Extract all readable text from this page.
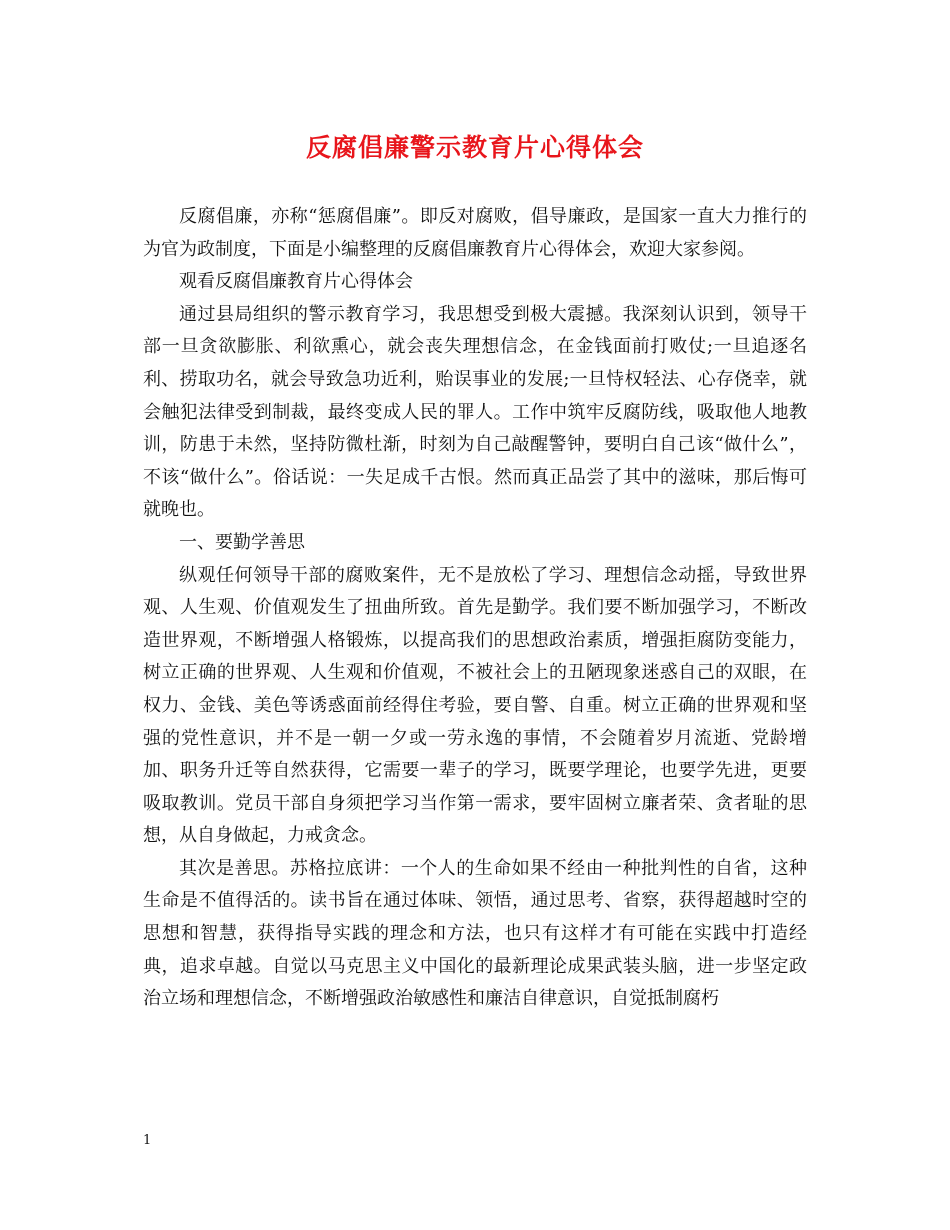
反腐倡廉警示教育片心得体会

反腐倡廉，亦称“惩腐倡廉”。即反对腐败，倡导廉政，是国家一直大力推行的为官为政制度，下面是小编整理的反腐倡廉教育片心得体会，欢迎大家参阅。

观看反腐倡廉教育片心得体会

通过县局组织的警示教育学习，我思想受到极大震撼。我深刻认识到，领导干部一旦贪欲膨胀、利欲熏心，就会丧失理想信念，在金钱面前打败仗;一旦追逐名利、捞取功名，就会导致急功近利，贻误事业的发展;一旦恃权轻法、心存侥幸，就会触犯法律受到制裁，最终变成人民的罪人。工作中筑牢反腐防线，吸取他人地教训，防患于未然，坚持防微杜渐，时刻为自己敲醒警钟，要明白自己该“做什么”，不该“做什么”。俗话说：一失足成千古恨。然而真正品尝了其中的滋味，那后悔可就晚也。

一、要勤学善思

纵观任何领导干部的腐败案件，无不是放松了学习、理想信念动摇，导致世界观、人生观、价值观发生了扭曲所致。首先是勤学。我们要不断加强学习，不断改造世界观，不断增强人格锻炼，以提高我们的思想政治素质，增强拒腐防变能力，树立正确的世界观、人生观和价值观，不被社会上的丑陋现象迷惑自己的双眼，在权力、金钱、美色等诱惑面前经得住考验，要自警、自重。树立正确的世界观和坚强的党性意识，并不是一朝一夕或一劳永逸的事情，不会随着岁月流逝、党龄增加、职务升迁等自然获得，它需要一辈子的学习，既要学理论，也要学先进，更要吸取教训。党员干部自身须把学习当作第一需求，要牢固树立廉者荣、贪者耻的思想，从自身做起，力戒贪念。

其次是善思。苏格拉底讲：一个人的生命如果不经由一种批判性的自省，这种生命是不值得活的。读书旨在通过体味、领悟，通过思考、省察，获得超越时空的思想和智慧，获得指导实践的理念和方法，也只有这样才有可能在实践中打造经典，追求卓越。自觉以马克思主义中国化的最新理论成果武装头脑，进一步坚定政治立场和理想信念，不断增强政治敏感性和廉洁自律意识，自觉抵制腐朽

1
